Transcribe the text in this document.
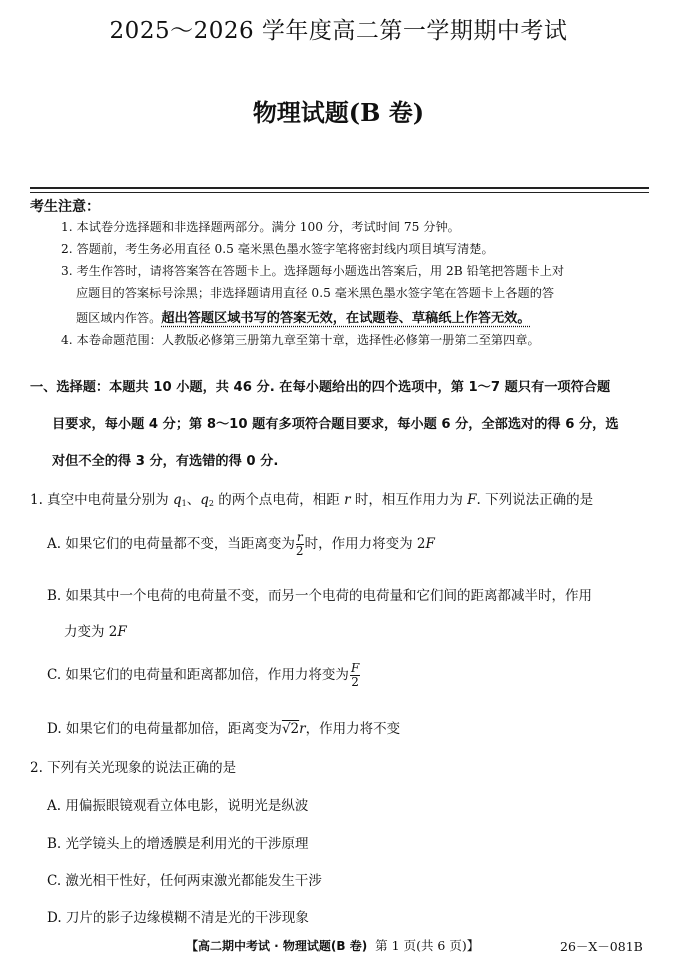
2025～2026 学年度高二第一学期期中考试
物理试题(B 卷)
考生注意：
1. 本试卷分选择题和非选择题两部分。满分 100 分，考试时间 75 分钟。
2. 答题前，考生务必用直径 0.5 毫米黑色墨水签字笔将密封线内项目填写清楚。
3. 考生作答时，请将答案答在答题卡上。选择题每小题选出答案后，用 2B 铅笔把答题卡上对
应题目的答案标号涂黑；非选择题请用直径 0.5 毫米黑色墨水签字笔在答题卡上各题的答
题区域内作答。超出答题区域书写的答案无效，在试题卷、草稿纸上作答无效。
4. 本卷命题范围：人教版必修第三册第九章至第十章，选择性必修第一册第二至第四章。
一、选择题：本题共 10 小题，共 46 分. 在每小题给出的四个选项中，第 1～7 题只有一项符合题
目要求，每小题 4 分；第 8～10 题有多项符合题目要求，每小题 6 分，全部选对的得 6 分，选
对但不全的得 3 分，有选错的得 0 分.
1. 真空中电荷量分别为 $q_1$、$q_2$ 的两个点电荷，相距 r 时，相互作用力为 F. 下列说法正确的是
A. 如果它们的电荷量都不变，当距离变为 $\frac{r}{2}$ 时，作用力将变为 2F
B. 如果其中一个电荷的电荷量不变，而另一个电荷的电荷量和它们间的距离都减半时，作用
力变为 2F
C. 如果它们的电荷量和距离都加倍，作用力将变为 $\frac{F}{2}$
D. 如果它们的电荷量都加倍，距离变为√2r，作用力将不变
2. 下列有关光现象的说法正确的是
A. 用偏振眼镜观看立体电影，说明光是纵波
B. 光学镜头上的增透膜是利用光的干涉原理
C. 激光相干性好，任何两束激光都能发生干涉
D. 刀片的影子边缘模糊不清是光的干涉现象
【高二期中考试 · 物理试题(B 卷) 第 1 页(共 6 页)】	26－X－081B
